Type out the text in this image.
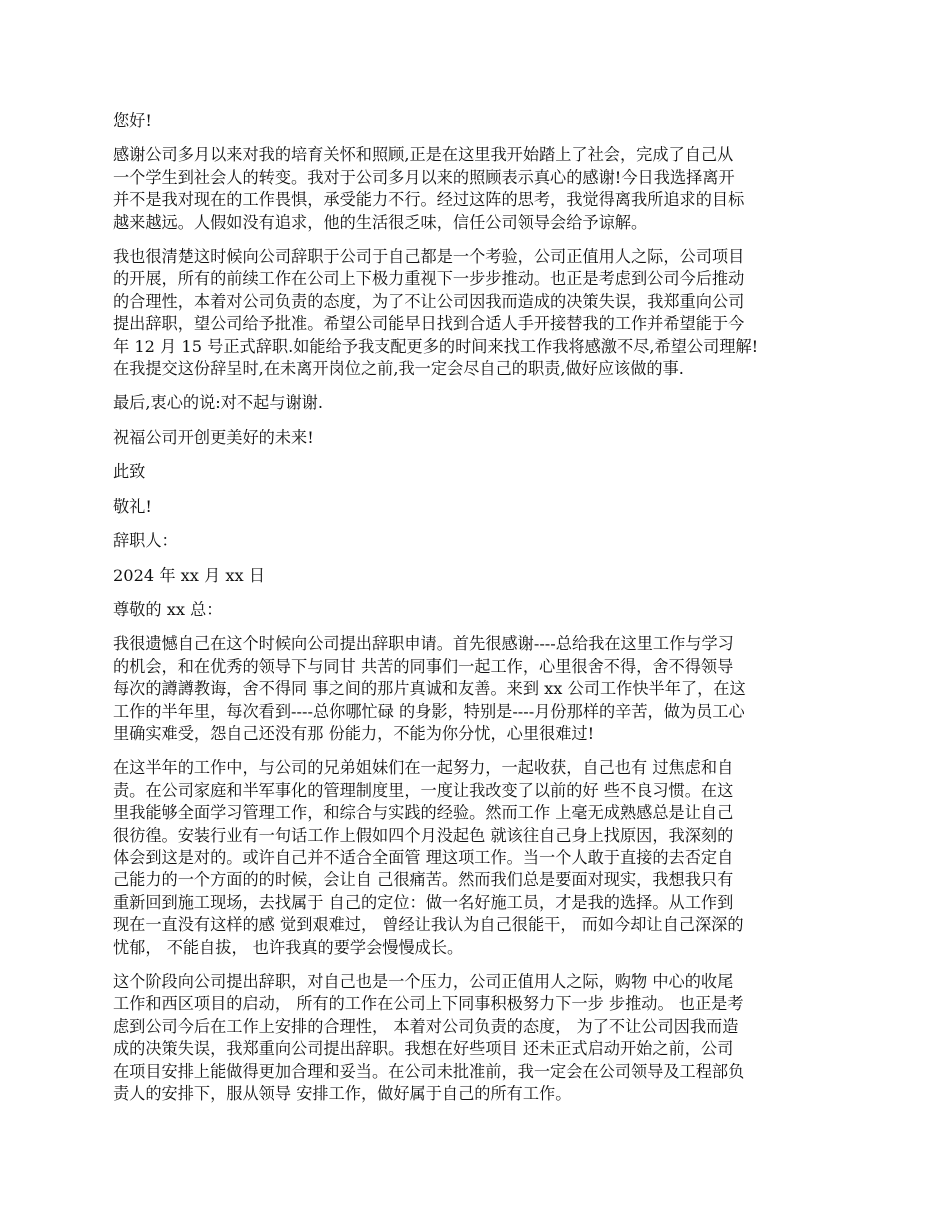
您好!

感谢公司多月以来对我的培育关怀和照顾,正是在这里我开始踏上了社会，完成了自己从
一个学生到社会人的转变。我对于公司多月以来的照顾表示真心的感谢!今日我选择离开
并不是我对现在的工作畏惧，承受能力不行。经过这阵的思考，我觉得离我所追求的目标
越来越远。人假如没有追求，他的生活很乏味，信任公司领导会给予谅解。

我也很清楚这时候向公司辞职于公司于自己都是一个考验，公司正值用人之际，公司项目
的开展，所有的前续工作在公司上下极力重视下一步步推动。也正是考虑到公司今后推动
的合理性，本着对公司负责的态度，为了不让公司因我而造成的决策失误，我郑重向公司
提出辞职，望公司给予批准。希望公司能早日找到合适人手开接替我的工作并希望能于今
年 12 月 15 号正式辞职.如能给予我支配更多的时间来找工作我将感激不尽,希望公司理解!
在我提交这份辞呈时,在未离开岗位之前,我一定会尽自己的职责,做好应该做的事.

最后,衷心的说:对不起与谢谢.

祝福公司开创更美好的未来!

此致

敬礼!

辞职人：

2024 年 xx 月 xx 日

尊敬的 xx 总：

我很遗憾自己在这个时候向公司提出辞职申请。首先很感谢----总给我在这里工作与学习
的机会，和在优秀的领导下与同甘 共苦的同事们一起工作，心里很舍不得，舍不得领导
每次的譐譐教诲，舍不得同 事之间的那片真诚和友善。来到 xx 公司工作快半年了，在这
工作的半年里，每次看到----总你哪忙碌 的身影，特别是----月份那样的辛苦，做为员工心
里确实难受，怨自己还没有那 份能力，不能为你分忧，心里很难过!

在这半年的工作中，与公司的兄弟姐妹们在一起努力，一起收获，自己也有 过焦虑和自
责。在公司家庭和半军事化的管理制度里，一度让我改变了以前的好 些不良习惯。在这
里我能够全面学习管理工作，和综合与实践的经验。然而工作 上毫无成熟感总是让自己
很彷徨。安装行业有一句话工作上假如四个月没起色 就该往自己身上找原因，我深刻的
体会到这是对的。或许自己并不适合全面管 理这项工作。当一个人敢于直接的去否定自
己能力的一个方面的的时候，会让自 己很痛苦。然而我们总是要面对现实，我想我只有
重新回到施工现场，去找属于 自己的定位：做一名好施工员，才是我的选择。从工作到
现在一直没有这样的感 觉到艰难过， 曾经让我认为自己很能干， 而如今却让自己深深的
忧郁， 不能自拔， 也许我真的要学会慢慢成长。

这个阶段向公司提出辞职，对自己也是一个压力，公司正值用人之际，购物 中心的收尾
工作和西区项目的启动， 所有的工作在公司上下同事积极努力下一步 步推动。 也正是考
虑到公司今后在工作上安排的合理性， 本着对公司负责的态度， 为了不让公司因我而造
成的决策失误，我郑重向公司提出辞职。我想在好些项目 还未正式启动开始之前，公司
在项目安排上能做得更加合理和妥当。在公司未批准前，我一定会在公司领导及工程部负
责人的安排下，服从领导 安排工作，做好属于自己的所有工作。
